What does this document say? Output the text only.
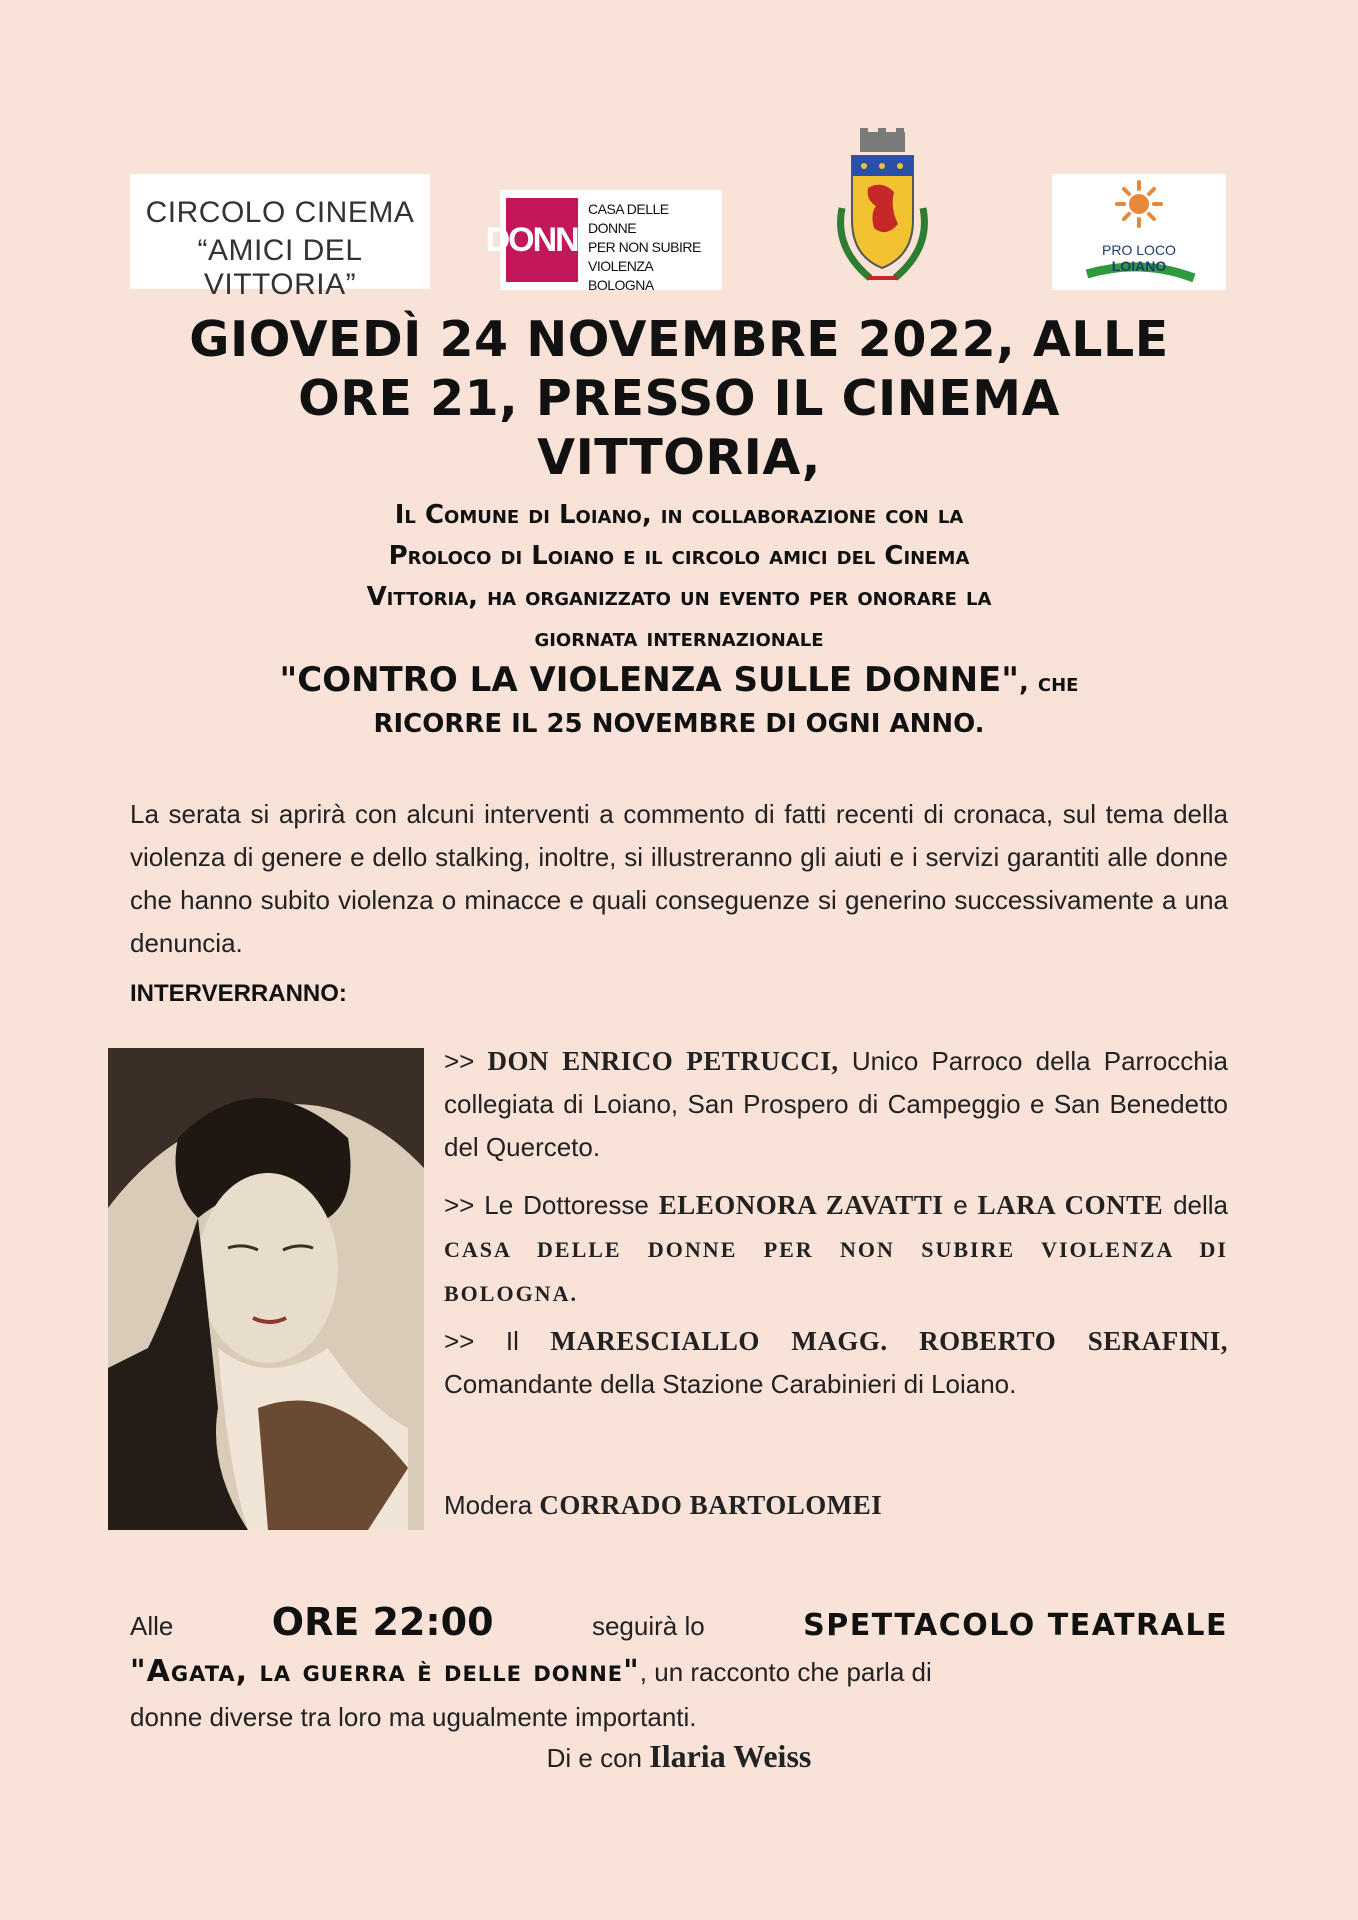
CIRCOLO CINEMA
“AMICI DEL VITTORIA”
DONNE
CASA DELLE DONNE
PER NON SUBIRE VIOLENZA
BOLOGNA
PRO LOCO
LOIANO
GIOVEDÌ 24 NOVEMBRE 2022, ALLE
ORE 21, PRESSO IL CINEMA
VITTORIA,
Il Comune di Loiano, in collaborazione con la
Proloco di Loiano e il circolo amici del Cinema
Vittoria, ha organizzato un evento per onorare la
giornata internazionale
"CONTRO LA VIOLENZA SULLE DONNE", che
RICORRE IL 25 NOVEMBRE DI OGNI ANNO.
La serata si aprirà con alcuni interventi a commento di fatti recenti di cronaca, sul tema della violenza di genere e dello stalking, inoltre, si illustreranno gli aiuti e i servizi garantiti alle donne che hanno subito violenza o minacce e quali conseguenze si generino successivamente a una denuncia.
INTERVERRANNO:
>> DON ENRICO PETRUCCI, Unico Parroco della Parrocchia collegiata di Loiano, San Prospero di Campeggio e San Benedetto del Querceto.
>> Le Dottoresse ELEONORA ZAVATTI e LARA CONTE della CASA DELLE DONNE PER NON SUBIRE VIOLENZA DI BOLOGNA.
>> Il MARESCIALLO MAGG. ROBERTO SERAFINI, Comandante della Stazione Carabinieri di Loiano.
Modera CORRADO BARTOLOMEI
Alle	ORE 22:00	seguirà lo	SPETTACOLO TEATRALE
"Agata, la guerra è delle donne", un racconto che parla di
donne diverse tra loro ma ugualmente importanti.
Di e con Ilaria Weiss
